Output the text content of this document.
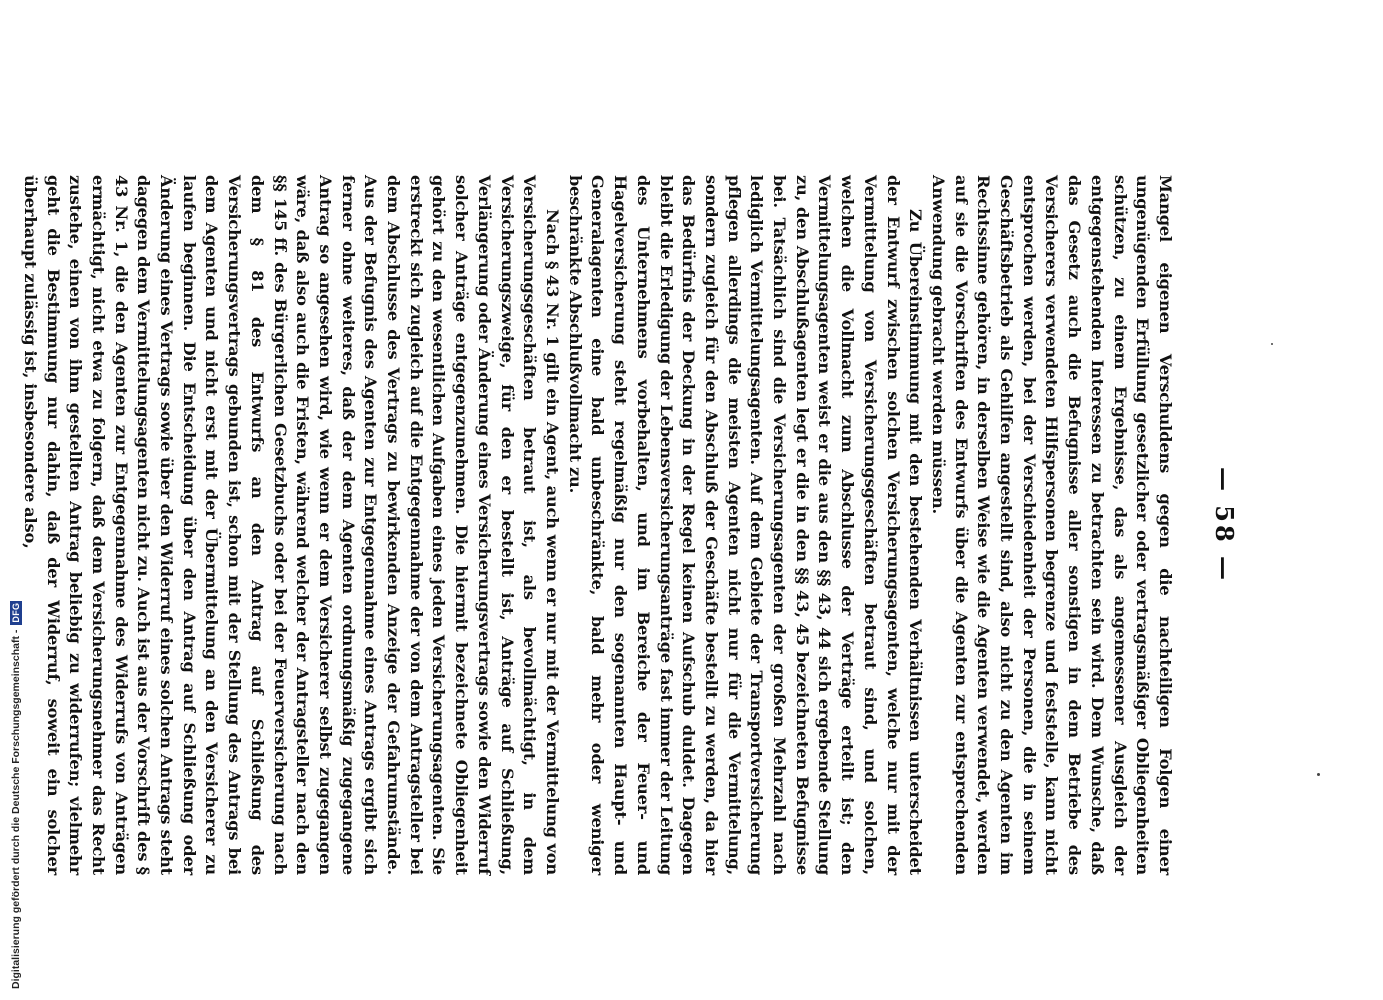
Digitalisierung gefördert durch die Deutsche Forschungsgemeinschaft -
DFG
— 58 —

Mangel eigenen Verschuldens gegen die nachteiligen Folgen einer ungenügenden Erfüllung gesetzlicher oder vertragsmäßiger Obliegenheiten schützen, zu einem Ergebnisse, das als angemessener Ausgleich der entgegenstehenden Interessen zu betrachten sein wird. Dem Wunsche, daß das Gesetz auch die Befugnisse aller sonstigen in dem Betriebe des Versicherers verwendeten Hilfspersonen begrenze und feststelle, kann nicht entsprochen werden, bei der Verschiedenheit der Personen, die in seinem Geschäftsbetrieb als Gehilfen angestellt sind, also nicht zu den Agenten im Rechtssinne gehören, in derselben Weise wie die Agenten verwendet, werden auf sie die Vorschriften des Entwurfs über die Agenten zur entsprechenden Anwendung gebracht werden müssen.

Zu Übereinstimmung mit den bestehenden Verhältnissen unterscheidet der Entwurf zwischen solchen Versicherungsagenten, welche nur mit der Vermittelung von Versicherungsgeschäften betraut sind, und solchen, welchen die Vollmacht zum Abschlusse der Verträge erteilt ist; den Vermittelungsagenten weist er die aus den §§ 43, 44 sich ergebende Stellung zu, den Abschlußagenten legt er die in den §§ 43, 45 bezeichneten Befugnisse bei. Tatsächlich sind die Versicherungsagenten der großen Mehrzahl nach lediglich Vermittelungsagenten. Auf dem Gebiete der Transportversicherung pflegen allerdings die meisten Agenten nicht nur für die Vermittelung, sondern zugleich für den Abschluß der Geschäfte bestellt zu werden, da hier das Bedürfnis der Deckung in der Regel keinen Aufschub duldet. Dagegen bleibt die Erledigung der Lebensversicherungsanträge fast immer der Leitung des Unternehmens vorbehalten, und im Bereiche der Feuer- und Hagelversicherung steht regelmäßig nur den sogenannten Haupt- und Generalagenten eine bald unbeschränkte, bald mehr oder weniger beschränkte Abschlußvollmacht zu.

Nach § 43 Nr. 1 gilt ein Agent, auch wenn er nur mit der Vermittelung von Versicherungsgeschäften betraut ist, als bevollmächtigt, in dem Versicherungszweige, für den er bestellt ist, Anträge auf Schließung, Verlängerung oder Änderung eines Versicherungsvertrags sowie den Widerruf solcher Anträge entgegenzunehmen. Die hiermit bezeichnete Obliegenheit gehört zu den wesentlichen Aufgaben eines jeden Versicherungsagenten. Sie erstreckt sich zugleich auf die Entgegennahme der von dem Antragsteller bei dem Abschlusse des Vertrags zu bewirkenden Anzeige der Gefahrumstände. Aus der Befugnis des Agenten zur Entgegennahme eines Antrags ergibt sich ferner ohne weiteres, daß der dem Agenten ordnungsmäßig zugegangene Antrag so angesehen wird, wie wenn er dem Versicherer selbst zugegangen wäre, daß also auch die Fristen, während welcher der Antragsteller nach den §§ 145 ff. des Bürgerlichen Gesetzbuchs oder bei der Feuerversicherung nach dem § 81 des Entwurfs an den Antrag auf Schließung des Versicherungsvertrags gebunden ist, schon mit der Stellung des Antrags bei dem Agenten und nicht erst mit der Übermittelung an den Versicherer zu laufen beginnen. Die Entscheidung über den Antrag auf Schließung oder Änderung eines Vertrags sowie über den Widerruf eines solchen Antrags steht dagegen dem Vermittelungsagenten nicht zu. Auch ist aus der Vorschrift des § 43 Nr. 1, die den Agenten zur Entgegennahme des Widerrufs von Anträgen ermächtigt, nicht etwa zu folgern, daß dem Versicherungsnehmer das Recht zustehe, einen von ihm gestellten Antrag beliebig zu widerrufen; vielmehr geht die Bestimmung nur dahin, daß der Widerruf, soweit ein solcher überhaupt zulässig ist, insbesondere also,
